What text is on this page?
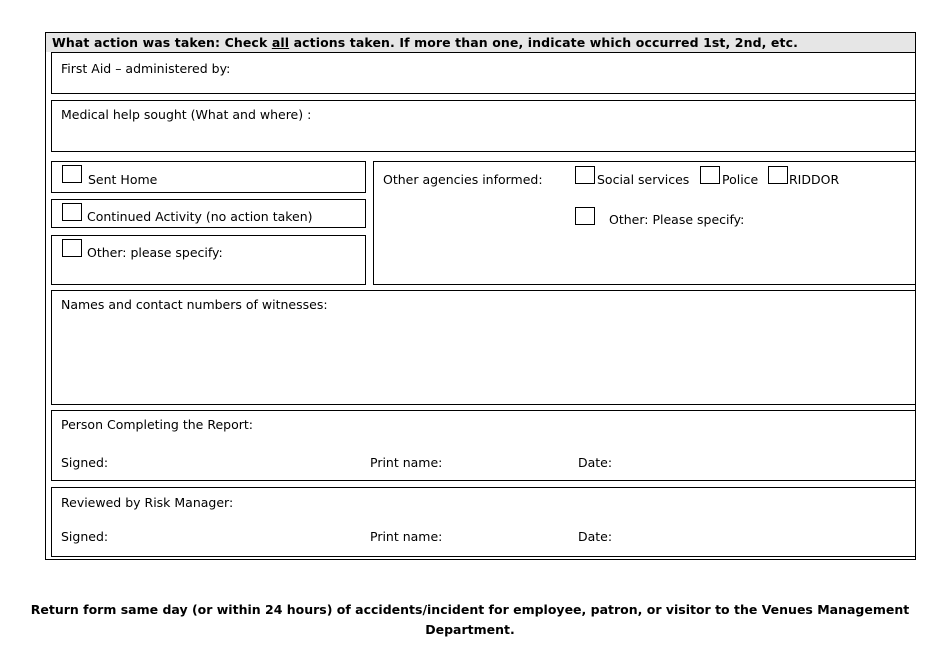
What action was taken: Check all actions taken. If more than one, indicate which occurred 1st, 2nd, etc.
First Aid – administered by:
Medical help sought (What and where) :
Sent Home
Continued Activity (no action taken)
Other: please specify:
Other agencies informed:	Social services	Police RIDDOR
Other: Please specify:
Names and contact numbers of witnesses:
Person Completing the Report:
Signed:	Print name:	Date:
Reviewed by Risk Manager:
Signed:	Print name:	Date:
Return form same day (or within 24 hours) of accidents/incident for employee, patron, or visitor to the Venues Management
Department.
